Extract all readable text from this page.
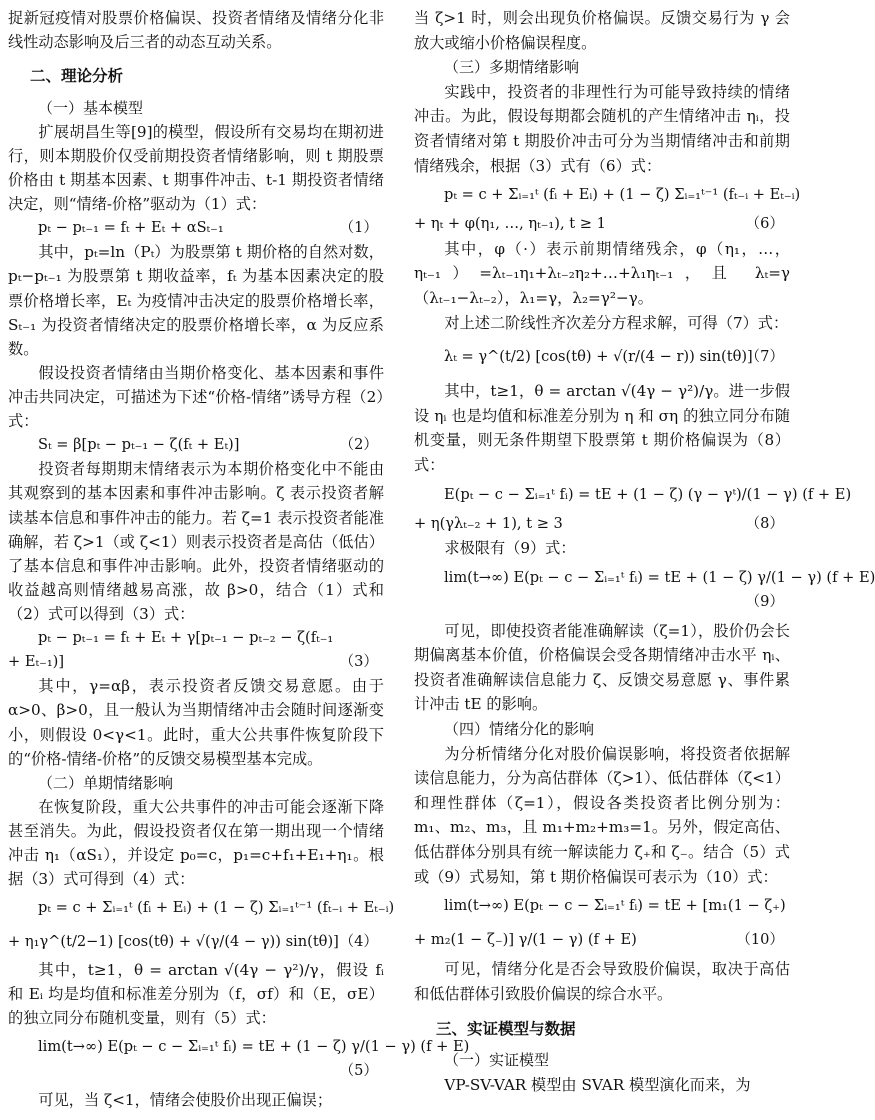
捉新冠疫情对股票价格偏误、投资者情绪及情绪分化非线性动态影响及后三者的动态互动关系。

二、理论分析
（一）基本模型

扩展胡昌生等[9]的模型，假设所有交易均在期初进行，则本期股价仅受前期投资者情绪影响，则 t 期股票价格由 t 期基本因素、t 期事件冲击、t-1 期投资者情绪决定，则“情绪-价格”驱动为（1）式：

pₜ − pₜ₋₁ = fₜ + Eₜ + αSₜ₋₁	（1）

其中，pₜ=ln（Pₜ）为股票第 t 期价格的自然对数，pₜ−pₜ₋₁ 为股票第 t 期收益率，fₜ 为基本因素决定的股票价格增长率，Eₜ 为疫情冲击决定的股票价格增长率，Sₜ₋₁ 为投资者情绪决定的股票价格增长率，α 为反应系数。

假设投资者情绪由当期价格变化、基本因素和事件冲击共同决定，可描述为下述“价格-情绪”诱导方程（2）式：

Sₜ = β[pₜ − pₜ₋₁ − ζ(fₜ + Eₜ)]	（2）

投资者每期期末情绪表示为本期价格变化中不能由其观察到的基本因素和事件冲击影响。ζ 表示投资者解读基本信息和事件冲击的能力。若 ζ=1 表示投资者能准确解，若 ζ>1（或 ζ<1）则表示投资者是高估（低估）了基本信息和事件冲击影响。此外，投资者情绪驱动的收益越高则情绪越易高涨，故 β>0，结合（1）式和（2）式可以得到（3）式：

pₜ − pₜ₋₁ = fₜ + Eₜ + γ[pₜ₋₁ − pₜ₋₂ − ζ(fₜ₋₁
+ Eₜ₋₁)]	（3）

其中，γ=αβ，表示投资者反馈交易意愿。由于 α>0、β>0，且一般认为当期情绪冲击会随时间逐渐变小，则假设 0<γ<1。此时，重大公共事件恢复阶段下的“价格-情绪-价格”的反馈交易模型基本完成。

（二）单期情绪影响

在恢复阶段，重大公共事件的冲击可能会逐渐下降甚至消失。为此，假设投资者仅在第一期出现一个情绪冲击 η₁（αS₁），并设定 p₀=c，p₁=c+f₁+E₁+η₁。根据（3）式可得到（4）式：

pₜ = c + Σᵢ₌₁ᵗ (fᵢ + Eᵢ) + (1 − ζ) Σᵢ₌₁ᵗ⁻¹ (fₜ₋ᵢ + Eₜ₋ᵢ)
+ η₁γ^(t/2−1) [cos(tθ) + √(γ/(4 − γ)) sin(tθ)] （4）

其中，t≥1，θ = arctan √(4γ − γ²)/γ，假设 fᵢ 和 Eᵢ 均是均值和标准差分别为（f，σf）和（E，σE）的独立同分布随机变量，则有（5）式：

lim(t→∞) E(pₜ − c − Σᵢ₌₁ᵗ fᵢ) = tE + (1 − ζ) γ/(1 − γ) (f + E)
（5）

可见，当 ζ<1，情绪会使股价出现正偏误；

当 ζ>1 时，则会出现负价格偏误。反馈交易行为 γ 会放大或缩小价格偏误程度。

（三）多期情绪影响

实践中，投资者的非理性行为可能导致持续的情绪冲击。为此，假设每期都会随机的产生情绪冲击 ηᵢ，投资者情绪对第 t 期股价冲击可分为当期情绪冲击和前期情绪残余，根据（3）式有（6）式：

pₜ = c + Σᵢ₌₁ᵗ (fᵢ + Eᵢ) + (1 − ζ) Σᵢ₌₁ᵗ⁻¹ (fₜ₋ᵢ + Eₜ₋ᵢ)
+ ηₜ + φ(η₁, …, ηₜ₋₁), t ≥ 1	（6）

其中，φ（·）表示前期情绪残余，φ（η₁，…，ηₜ₋₁）=λₜ₋₁η₁+λₜ₋₂η₂+…+λ₁ηₜ₋₁，且 λₜ=γ（λₜ₋₁−λₜ₋₂），λ₁=γ，λ₂=γ²−γ。

对上述二阶线性齐次差分方程求解，可得（7）式：

λₜ = γ^(t/2) [cos(tθ) + √(r/(4 − r)) sin(tθ)]
（7）

其中，t≥1，θ = arctan √(4γ − γ²)/γ。进一步假设 ηᵢ 也是均值和标准差分别为 η 和 ση 的独立同分布随机变量，则无条件期望下股票第 t 期价格偏误为（8）式：

E(pₜ − c − Σᵢ₌₁ᵗ fᵢ) = tE + (1 − ζ) (γ − γᵗ)/(1 − γ) (f + E)
+ η(γλₜ₋₂ + 1), t ≥ 3	（8）

求极限有（9）式：

lim(t→∞) E(pₜ − c − Σᵢ₌₁ᵗ fᵢ) = tE + (1 − ζ) γ/(1 − γ) (f + E)
（9）

可见，即使投资者能准确解读（ζ=1），股价仍会长期偏离基本价值，价格偏误会受各期情绪冲击水平 ηᵢ、投资者准确解读信息能力 ζ、反馈交易意愿 γ、事件累计冲击 tE 的影响。

（四）情绪分化的影响

为分析情绪分化对股价偏误影响，将投资者依据解读信息能力，分为高估群体（ζ>1）、低估群体（ζ<1）和理性群体（ζ=1），假设各类投资者比例分别为：m₁、m₂、m₃，且 m₁+m₂+m₃=1。另外，假定高估、低估群体分别具有统一解读能力 ζ₊和 ζ₋。结合（5）式或（9）式易知，第 t 期价格偏误可表示为（10）式：

lim(t→∞) E(pₜ − c − Σᵢ₌₁ᵗ fᵢ) = tE + [m₁(1 − ζ₊)
+ m₂(1 − ζ₋)] γ/(1 − γ) (f + E)	（10）

可见，情绪分化是否会导致股价偏误，取决于高估和低估群体引致股价偏误的综合水平。

三、实证模型与数据
（一）实证模型

VP-SV-VAR 模型由 SVAR 模型演化而来，为
